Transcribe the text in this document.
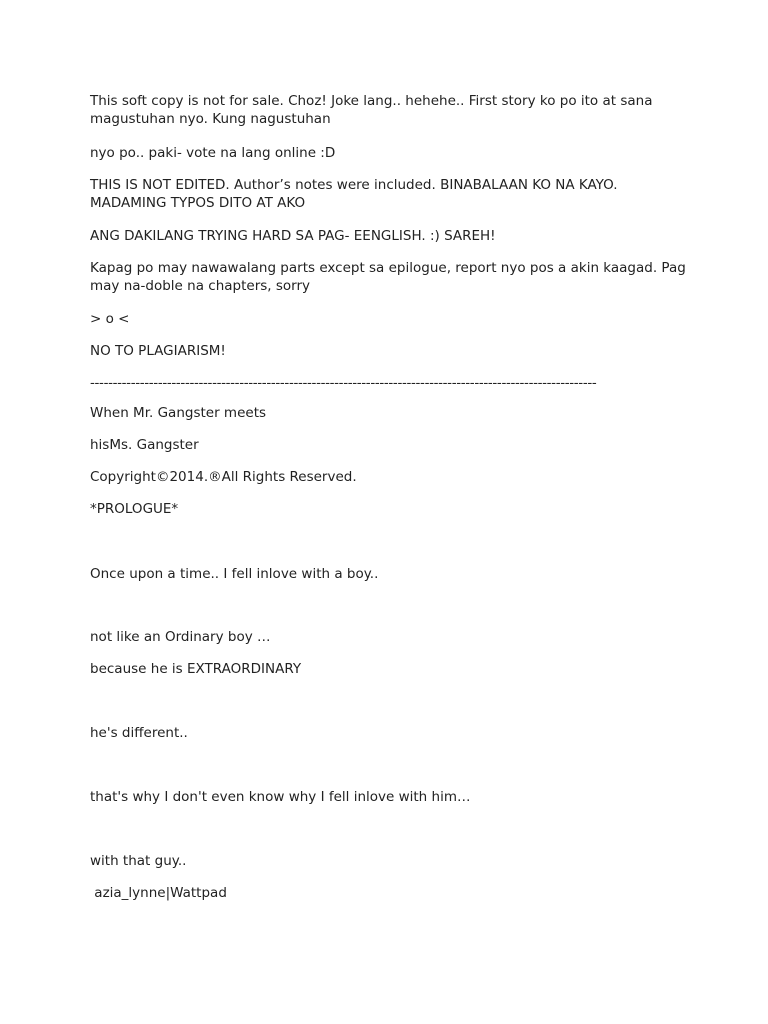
This soft copy is not for sale. Choz! Joke lang.. hehehe.. First story ko po ito at sana magustuhan nyo. Kung nagustuhan

nyo po.. paki- vote na lang online :D

THIS IS NOT EDITED. Author’s notes were included. BINABALAAN KO NA KAYO. MADAMING TYPOS DITO AT AKO

ANG DAKILANG TRYING HARD SA PAG- EENGLISH. :) SAREH!

Kapag po may nawawalang parts except sa epilogue, report nyo pos a akin kaagad. Pag may na-doble na chapters, sorry

> o <

NO TO PLAGIARISM!

----------------------------------------------------------------------------------------------------------------

When Mr. Gangster meets

hisMs. Gangster

Copyright©2014.®All Rights Reserved.

*PROLOGUE*

Once upon a time.. I fell inlove with a boy..

not like an Ordinary boy …

because he is EXTRAORDINARY

he's different..

that's why I don't even know why I fell inlove with him…

with that guy..

azia_lynne|Wattpad
